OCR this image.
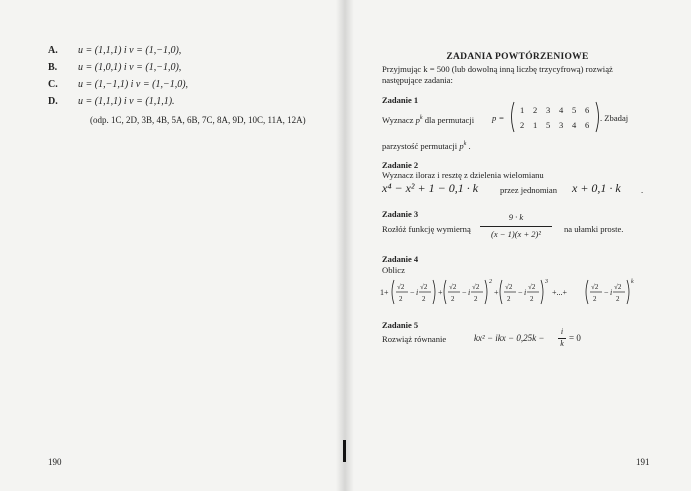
A.	u = (1,1,1) i v = (1,−1,0),
B.	u = (1,0,1) i v = (1,−1,0),
C.	u = (1,−1,1) i v = (1,−1,0),
D.	u = (1,1,1) i v = (1,1,1).
(odp. 1C, 2D, 3B, 4B, 5A, 6B, 7C, 8A, 9D, 10C, 11A, 12A)
190
ZADANIA POWTÓRZENIOWE
Przyjmując k = 500 (lub dowolną inną liczbę trzycyfrową) rozwiąż
następujące zadania:
Zadanie 1
Wyznacz $p^k$ dla permutacji p =
1 2 3 4 5 6
2 1 5 3 4 6
. Zbadaj
parzystość permutacji $p^k$ .
Zadanie 2
Wyznacz iloraz i resztę z dzielenia wielomianu
x⁴ − x² + 1 − 0,1 · k	przez jednomian x + 0,1 · k .
Zadanie 3
Rozłóż funkcję wymierną
9 · k
(x − 1)(x + 2)²	na ułamki proste.
Zadanie 4
Oblicz
1+
√2
2
− i
√2
2
+
√2
2
− i
√2
2
2
+
√2
2
− i
√2
2
3
√2
2
− i
√2
2
k
+...+
Zadanie 5
Rozwiąż równanie	kx² − ikx − 0,25k −
i
k
= 0
191
